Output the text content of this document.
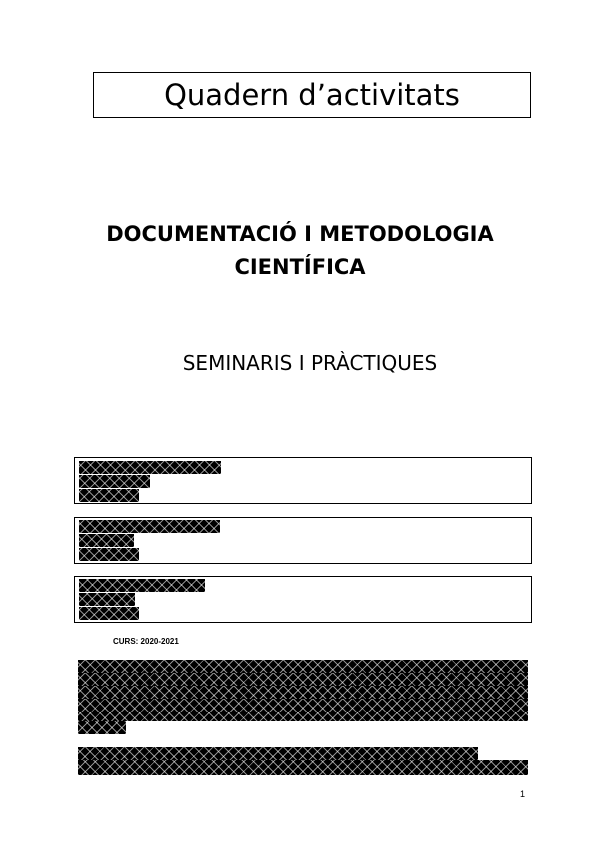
Quadern d’activitats
DOCUMENTACIÓ I METODOLOGIA
CIENTÍFICA
SEMINARIS I PRÀCTIQUES
CURS: 2020-2021
1
